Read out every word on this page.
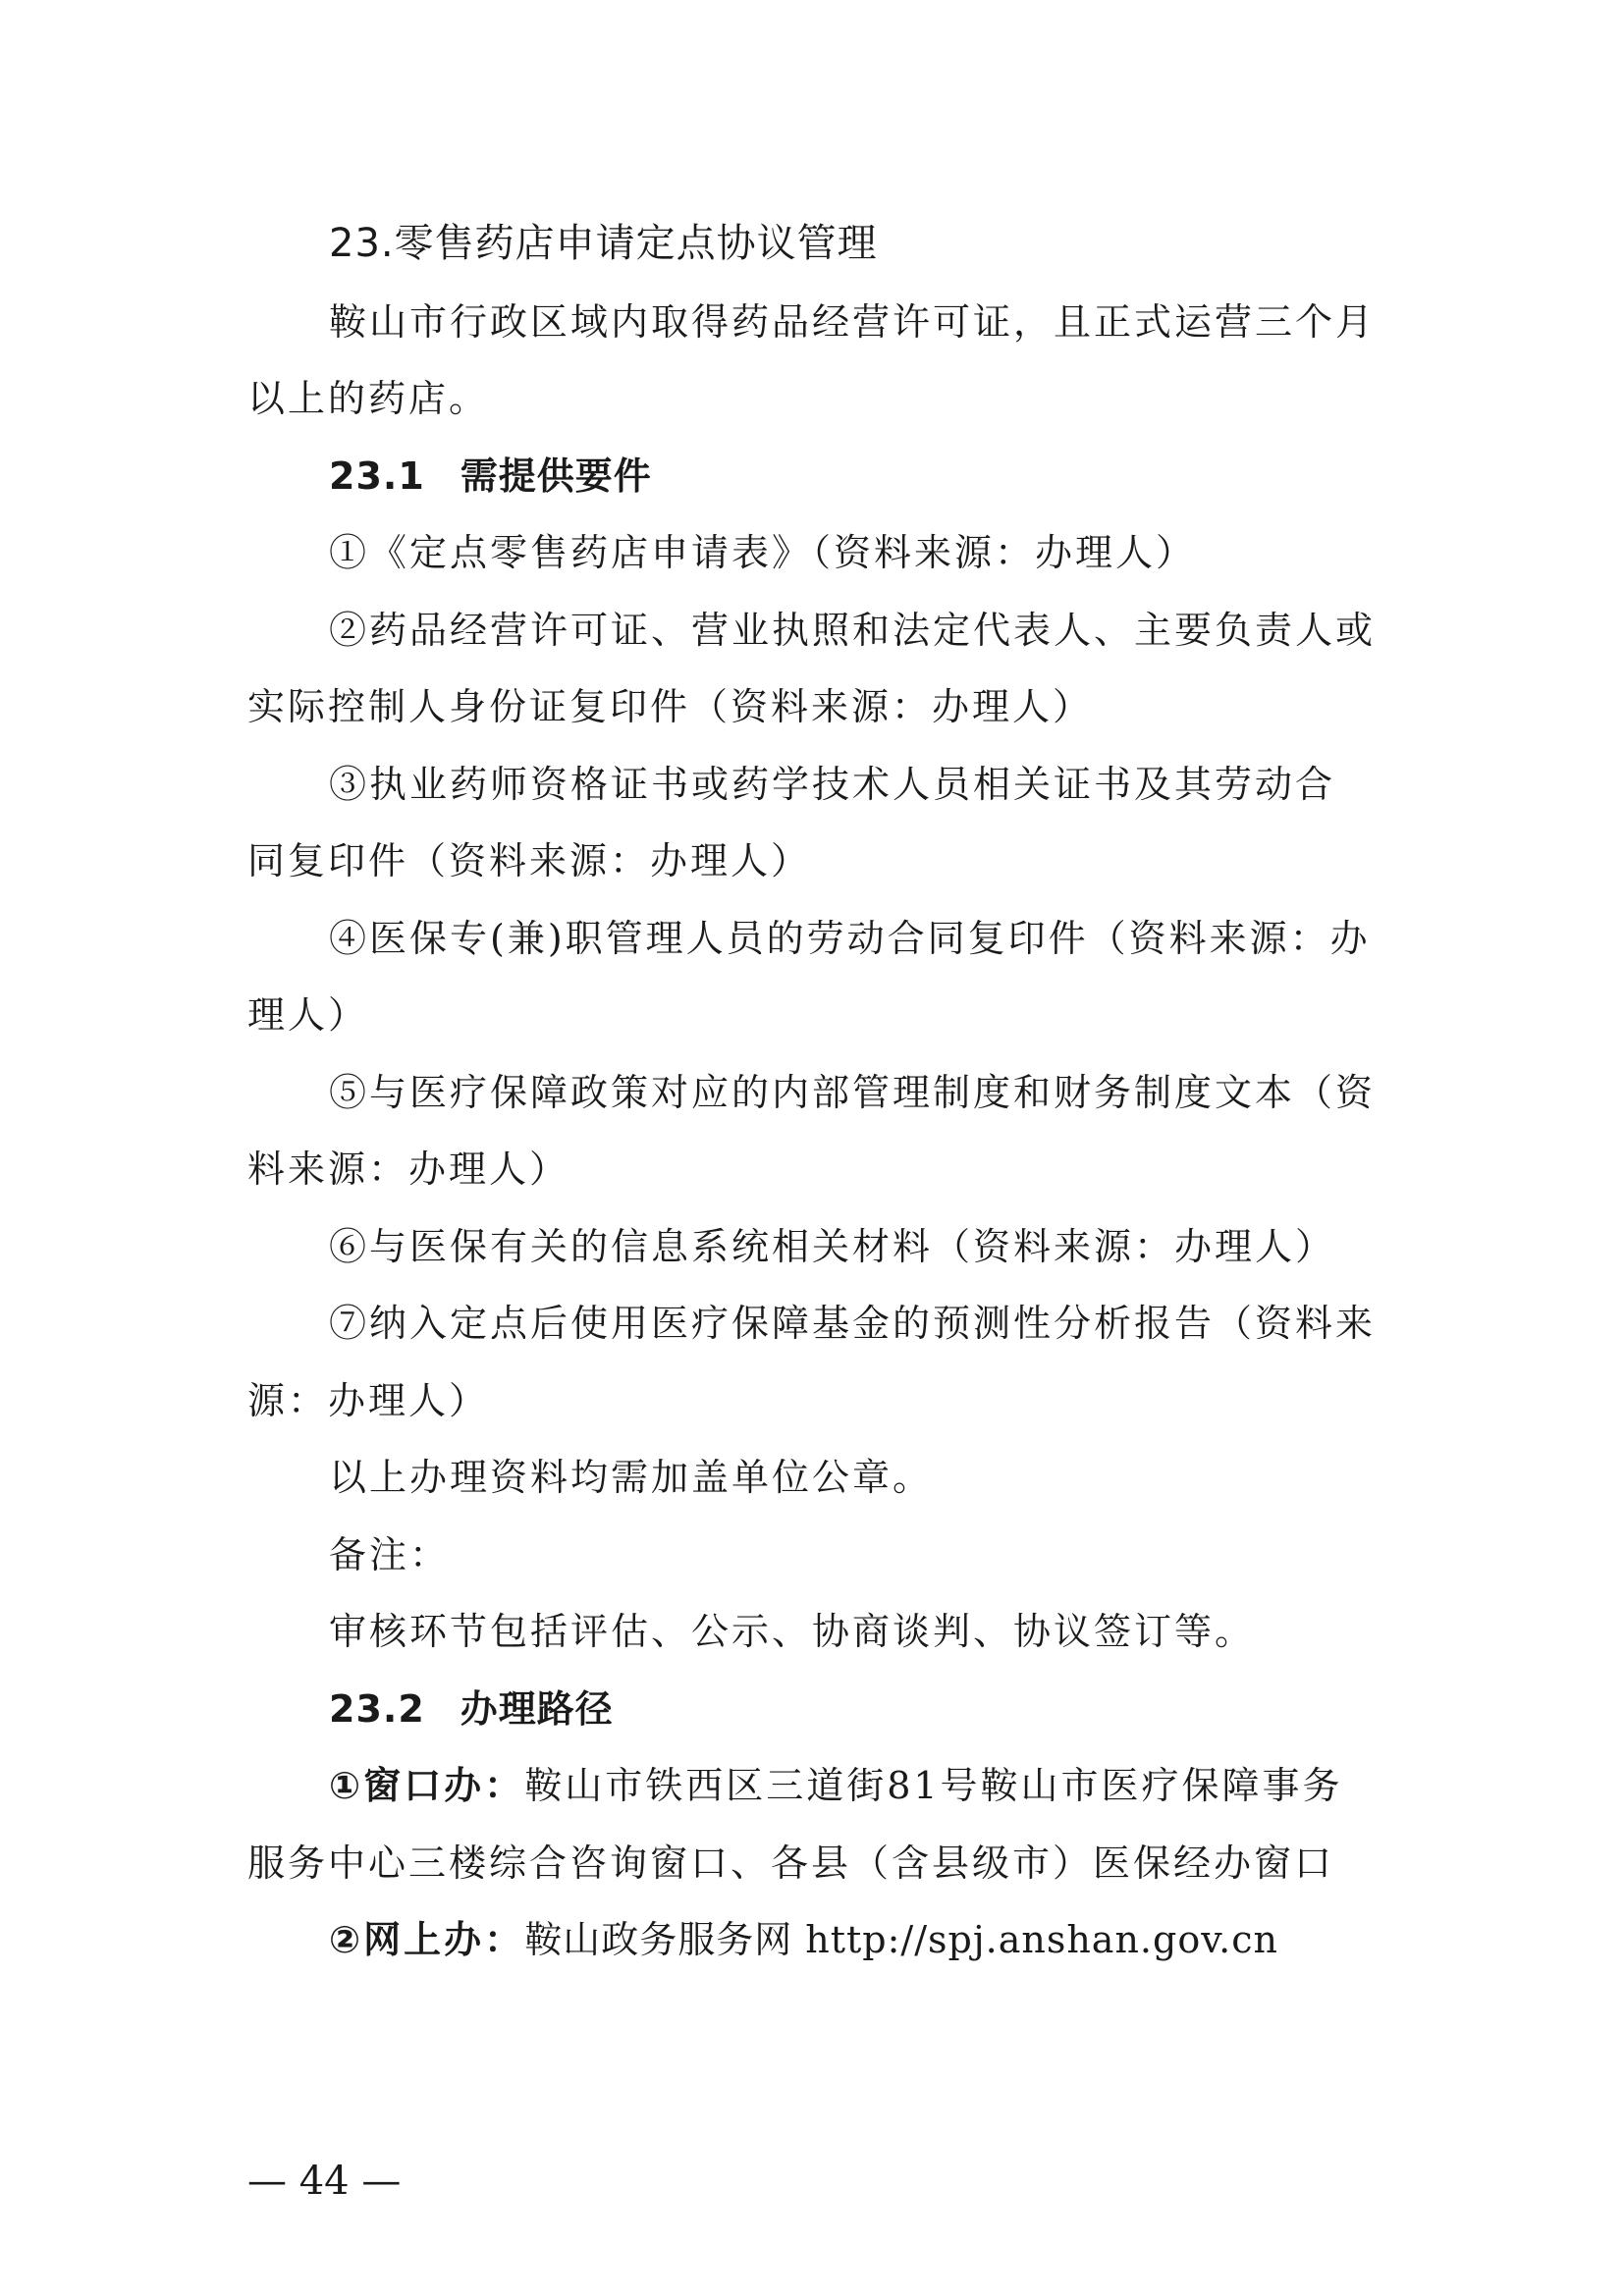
23.零售药店申请定点协议管理
鞍山市行政区域内取得药品经营许可证，且正式运营三个月
以上的药店。
23.1 需提供要件
①《定点零售药店申请表》（资料来源：办理人）
②药品经营许可证、营业执照和法定代表人、主要负责人或
实际控制人身份证复印件（资料来源：办理人）
③执业药师资格证书或药学技术人员相关证书及其劳动合
同复印件（资料来源：办理人）
④医保专(兼)职管理人员的劳动合同复印件（资料来源：办
理人）
⑤与医疗保障政策对应的内部管理制度和财务制度文本（资
料来源：办理人）
⑥与医保有关的信息系统相关材料（资料来源：办理人）
⑦纳入定点后使用医疗保障基金的预测性分析报告（资料来
源：办理人）
以上办理资料均需加盖单位公章。
备注：
审核环节包括评估、公示、协商谈判、协议签订等。
23.2 办理路径
①窗口办：鞍山市铁西区三道街81号鞍山市医疗保障事务
服务中心三楼综合咨询窗口、各县（含县级市）医保经办窗口
②网上办：鞍山政务服务网 http://spj.anshan.gov.cn
— 44 —
